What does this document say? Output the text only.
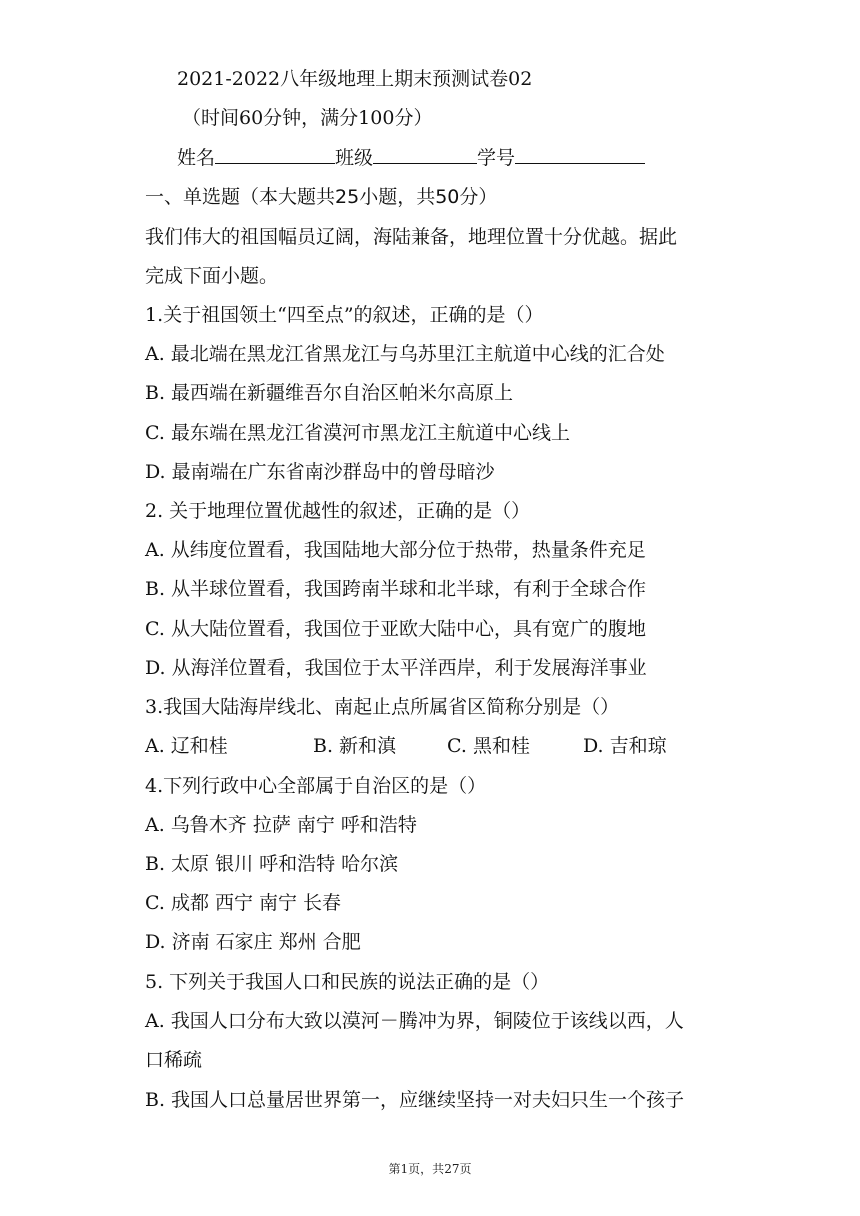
2021-2022八年级地理上期末预测试卷02
（时间60分钟，满分100分）
姓名	班级	学号
一、单选题（本大题共25小题，共50分）
我们伟大的祖国幅员辽阔，海陆兼备，地理位置十分优越。据此
完成下面小题。
1.关于祖国领土“四至点”的叙述，正确的是（）
A. 最北端在黑龙江省黑龙江与乌苏里江主航道中心线的汇合处
B. 最西端在新疆维吾尔自治区帕米尔高原上
C. 最东端在黑龙江省漠河市黑龙江主航道中心线上
D. 最南端在广东省南沙群岛中的曾母暗沙
2. 关于地理位置优越性的叙述，正确的是（）
A. 从纬度位置看，我国陆地大部分位于热带，热量条件充足
B. 从半球位置看，我国跨南半球和北半球，有利于全球合作
C. 从大陆位置看，我国位于亚欧大陆中心，具有宽广的腹地
D. 从海洋位置看，我国位于太平洋西岸，利于发展海洋事业
3.我国大陆海岸线北、南起止点所属省区简称分别是（）
A. 辽和桂	B. 新和滇	C. 黑和桂	D. 吉和琼
4.下列行政中心全部属于自治区的是（）
A. 乌鲁木齐 拉萨 南宁 呼和浩特
B. 太原 银川 呼和浩特 哈尔滨
C. 成都 西宁 南宁 长春
D. 济南 石家庄 郑州 合肥
5. 下列关于我国人口和民族的说法正确的是（）
A. 我国人口分布大致以漠河－腾冲为界，铜陵位于该线以西，人
口稀疏
B. 我国人口总量居世界第一，应继续坚持一对夫妇只生一个孩子
第1页，共27页
